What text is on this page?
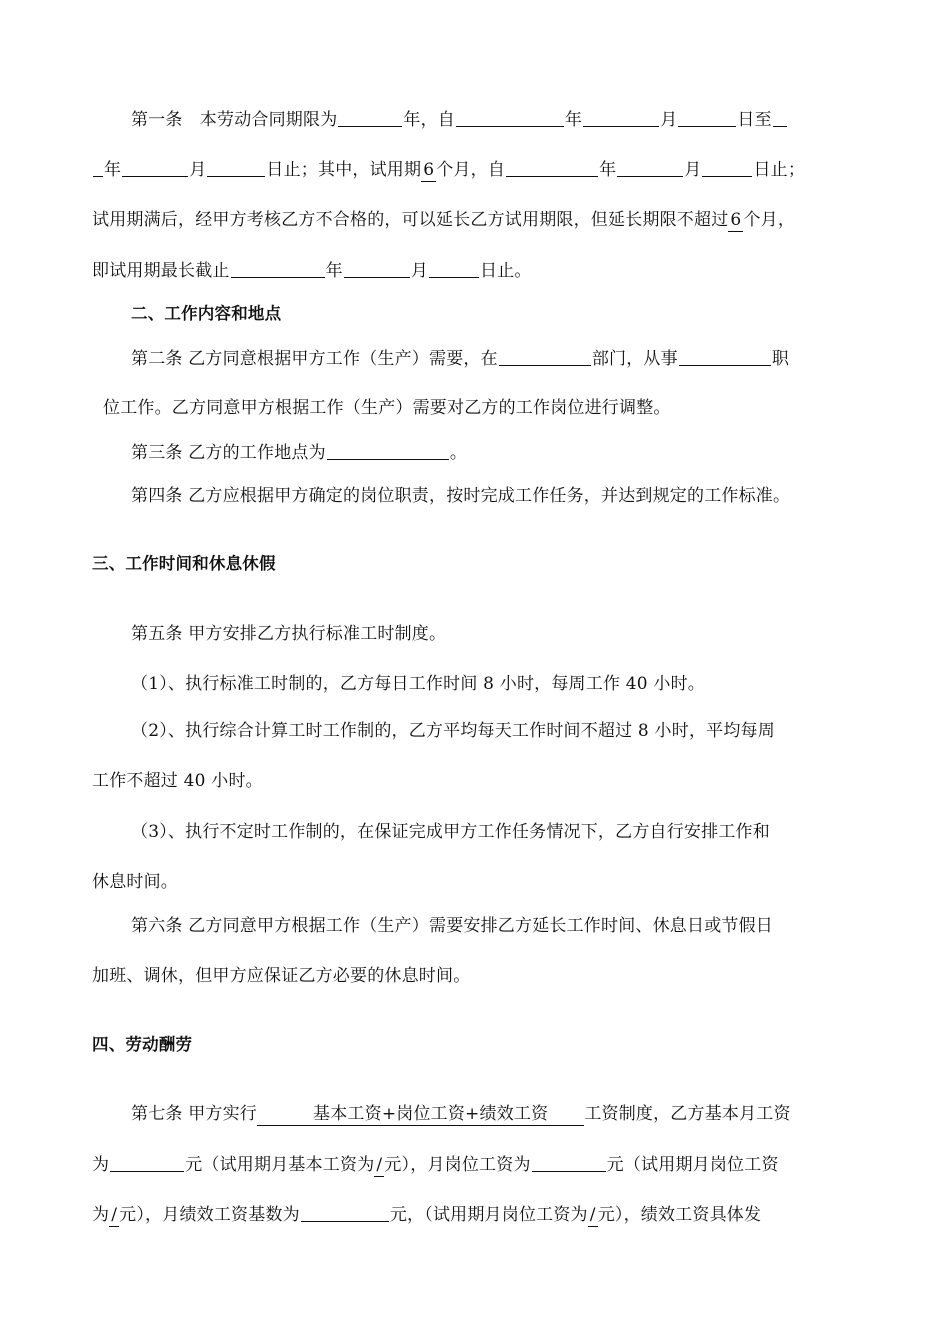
第一条　本劳动合同期限为	年，自	年	月	日至
年	月	日止；其中，试用期 6 个月，自	年	月	日止；
试用期满后，经甲方考核乙方不合格的，可以延长乙方试用期限，但延长期限不超过 6 个月，
即试用期最长截止	年	月	日止。
二、工作内容和地点
第二条 乙方同意根据甲方工作（生产）需要，在	部门，从事	职
位工作。乙方同意甲方根据工作（生产）需要对乙方的工作岗位进行调整。
第三条 乙方的工作地点为	。
第四条 乙方应根据甲方确定的岗位职责，按时完成工作任务，并达到规定的工作标准。
三、工作时间和休息休假
第五条 甲方安排乙方执行标准工时制度。
（1）、执行标准工时制的，乙方每日工作时间 8 小时，每周工作 40 小时。
（2）、执行综合计算工时工作制的，乙方平均每天工作时间不超过 8 小时，平均每周
工作不超过 40 小时。
（3）、执行不定时工作制的，在保证完成甲方工作任务情况下，乙方自行安排工作和
休息时间。
第六条 乙方同意甲方根据工作（生产）需要安排乙方延长工作时间、休息日或节假日
加班、调休，但甲方应保证乙方必要的休息时间。
四、劳动酬劳
第七条 甲方实行	基本工资+岗位工资+绩效工资 工资制度，乙方基本月工资
为	元（试用期月基本工资为 / 元），月岗位工资为	元（试用期月岗位工资
为 / 元），月绩效工资基数为	元，（试用期月岗位工资为 / 元），绩效工资具体发
